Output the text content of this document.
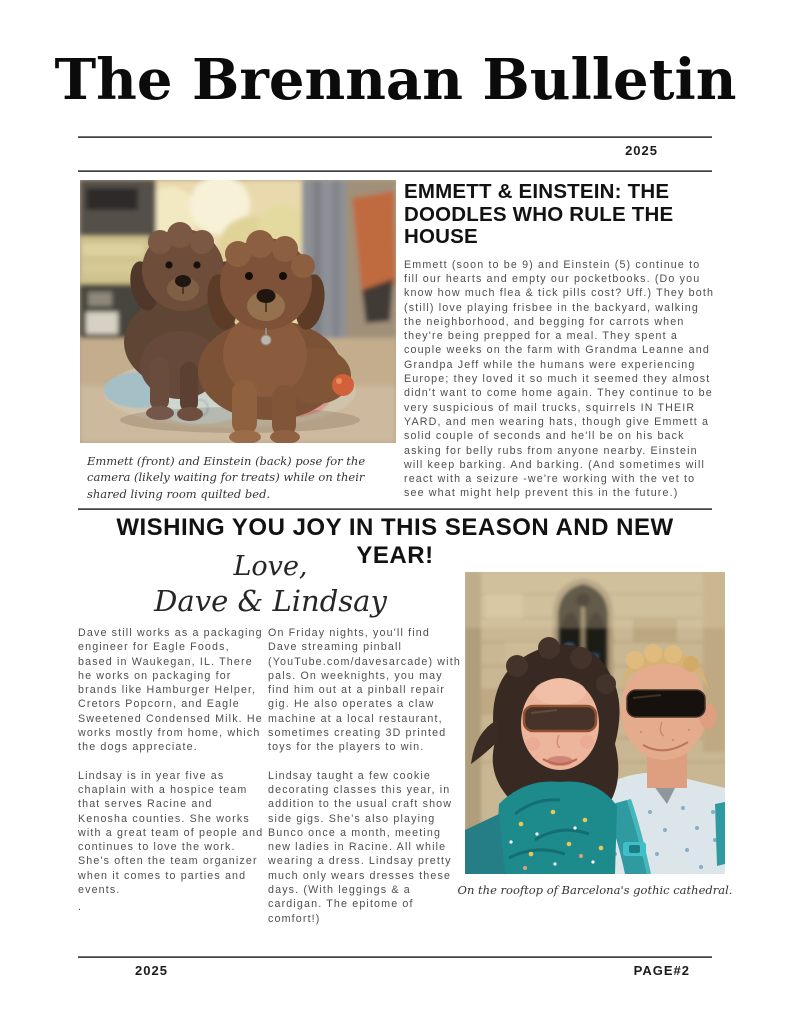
The Brennan Bulletin
2025

Emmett (front) and Einstein (back) pose for the camera (likely waiting for treats) while on their shared living room quilted bed.

EMMETT & EINSTEIN: THE DOODLES WHO RULE THE HOUSE

Emmett (soon to be 9) and Einstein (5) continue to fill our hearts and empty our pocketbooks. (Do you know how much flea & tick pills cost? Uff.) They both (still) love playing frisbee in the backyard, walking the neighborhood, and begging for carrots when they're being prepped for a meal. They spent a couple weeks on the farm with Grandma Leanne and Grandpa Jeff while the humans were experiencing Europe; they loved it so much it seemed they almost didn't want to come home again. They continue to be very suspicious of mail trucks, squirrels IN THEIR YARD, and men wearing hats, though give Emmett a solid couple of seconds and he'll be on his back asking for belly rubs from anyone nearby. Einstein will keep barking. And barking. (And sometimes will react with a seizure -we're working with the vet to see what might help prevent this in the future.)

WISHING YOU JOY IN THIS SEASON AND NEW YEAR!
Love,
Dave & Lindsay

Dave still works as a packaging engineer for Eagle Foods, based in Waukegan, IL. There he works on packaging for brands like Hamburger Helper, Cretors Popcorn, and Eagle Sweetened Condensed Milk. He works mostly from home, which the dogs appreciate.

Lindsay is in year five as chaplain with a hospice team that serves Racine and Kenosha counties. She works with a great team of people and continues to love the work. She's often the team organizer when it comes to parties and events.

.

On Friday nights, you'll find Dave streaming pinball (YouTube.com/davesarcade) with pals. On weeknights, you may find him out at a pinball repair gig. He also operates a claw machine at a local restaurant, sometimes creating 3D printed toys for the players to win.

Lindsay taught a few cookie decorating classes this year, in addition to the usual craft show side gigs. She's also playing Bunco once a month, meeting new ladies in Racine. All while wearing a dress. Lindsay pretty much only wears dresses these days. (With leggings & a cardigan. The epitome of comfort!)

On the rooftop of Barcelona's gothic cathedral.

2025	PAGE#2
